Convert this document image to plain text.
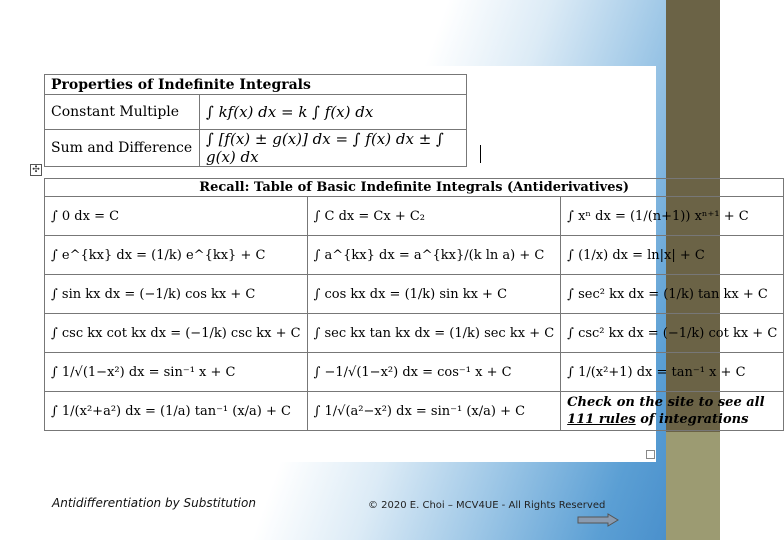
✣
Properties of Indefinite Integrals	
Constant Multiple	∫ kf(x) dx = k ∫ f(x) dx
Sum and Difference	∫ [f(x) ± g(x)] dx = ∫ f(x) dx ± ∫ g(x) dx
Recall: Table of Basic Indefinite Integrals (Antiderivatives)		
∫ 0 dx = C	∫ C dx = Cx + C₂	∫ xⁿ dx = (1/(n+1)) xⁿ⁺¹ + C
∫ e^{kx} dx = (1/k) e^{kx} + C	∫ a^{kx} dx = a^{kx}/(k ln a) + C	∫ (1/x) dx = ln|x| + C
∫ sin kx dx = (−1/k) cos kx + C	∫ cos kx dx = (1/k) sin kx + C	∫ sec² kx dx = (1/k) tan kx + C
∫ csc kx cot kx dx = (−1/k) csc kx + C	∫ sec kx tan kx dx = (1/k) sec kx + C	∫ csc² kx dx = (−1/k) cot kx + C
∫ 1/√(1−x²) dx = sin⁻¹ x + C	∫ −1/√(1−x²) dx = cos⁻¹ x + C	∫ 1/(x²+1) dx = tan⁻¹ x + C
∫ 1/(x²+a²) dx = (1/a) tan⁻¹ (x/a) + C	∫ 1/√(a²−x²) dx = sin⁻¹ (x/a) + C	Check on the site to see all
111 rules of integrations
Antidifferentiation by Substitution	© 2020 E. Choi – MCV4UE - All Rights Reserved
